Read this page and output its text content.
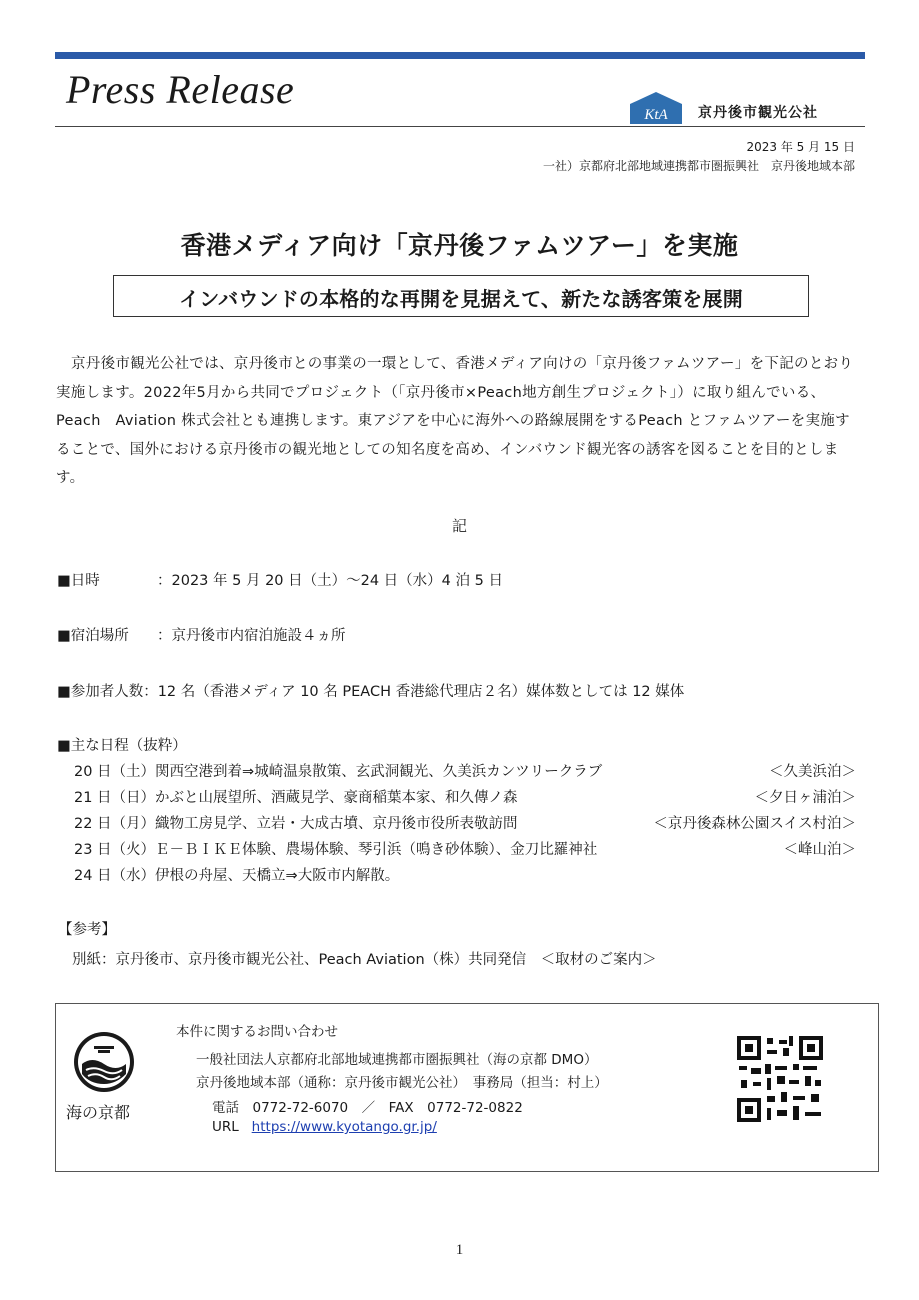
Press Release
KtA 京丹後市観光公社
2023 年 5 月 15 日
一社）京都府北部地域連携都市圏振興社　京丹後地域本部
香港メディア向け「京丹後ファムツアー」を実施
インバウンドの本格的な再開を見据えて、新たな誘客策を展開
京丹後市観光公社では、京丹後市との事業の一環として、香港メディア向けの「京丹後ファムツアー」を下記のとおり実施します。2022年5月から共同でプロジェクト（「京丹後市×Peach地方創生プロジェクト」）に取り組んでいる、Peach　Aviation 株式会社とも連携します。東アジアを中心に海外への路線展開をするPeach とファムツアーを実施することで、国外における京丹後市の観光地としての知名度を高め、インバウンド観光客の誘客を図ることを目的とします。
記
■日時	：2023 年 5 月 20 日（土）～24 日（水）4 泊 5 日
■宿泊場所 ：京丹後市内宿泊施設４ヵ所
■参加者人数：12 名（香港メディア 10 名 PEACH 香港総代理店２名）媒体数としては 12 媒体
■主な日程（抜粋）
20 日（土）関西空港到着⇒城崎温泉散策、玄武洞観光、久美浜カンツリークラブ	＜久美浜泊＞
21 日（日）かぶと山展望所、酒蔵見学、豪商稲葉本家、和久傳ノ森	＜夕日ヶ浦泊＞
22 日（月）織物工房見学、立岩・大成古墳、京丹後市役所表敬訪問	＜京丹後森林公園スイス村泊＞
23 日（火）Ｅ－ＢＩＫＥ体験、農場体験、琴引浜（鳴き砂体験）、金刀比羅神社	＜峰山泊＞
24 日（水）伊根の舟屋、天橋立⇒大阪市内解散。
【参考】
別紙：京丹後市、京丹後市観光公社、Peach Aviation（株）共同発信　＜取材のご案内＞
海の京都
本件に関するお問い合わせ
一般社団法人京都府北部地域連携都市圏振興社（海の京都 DMO）
京丹後地域本部（通称：京丹後市観光公社）　事務局（担当：村上）
電話　0772-72-6070　／　FAX　0772-72-0822
URL https://www.kyotango.gr.jp/
1
